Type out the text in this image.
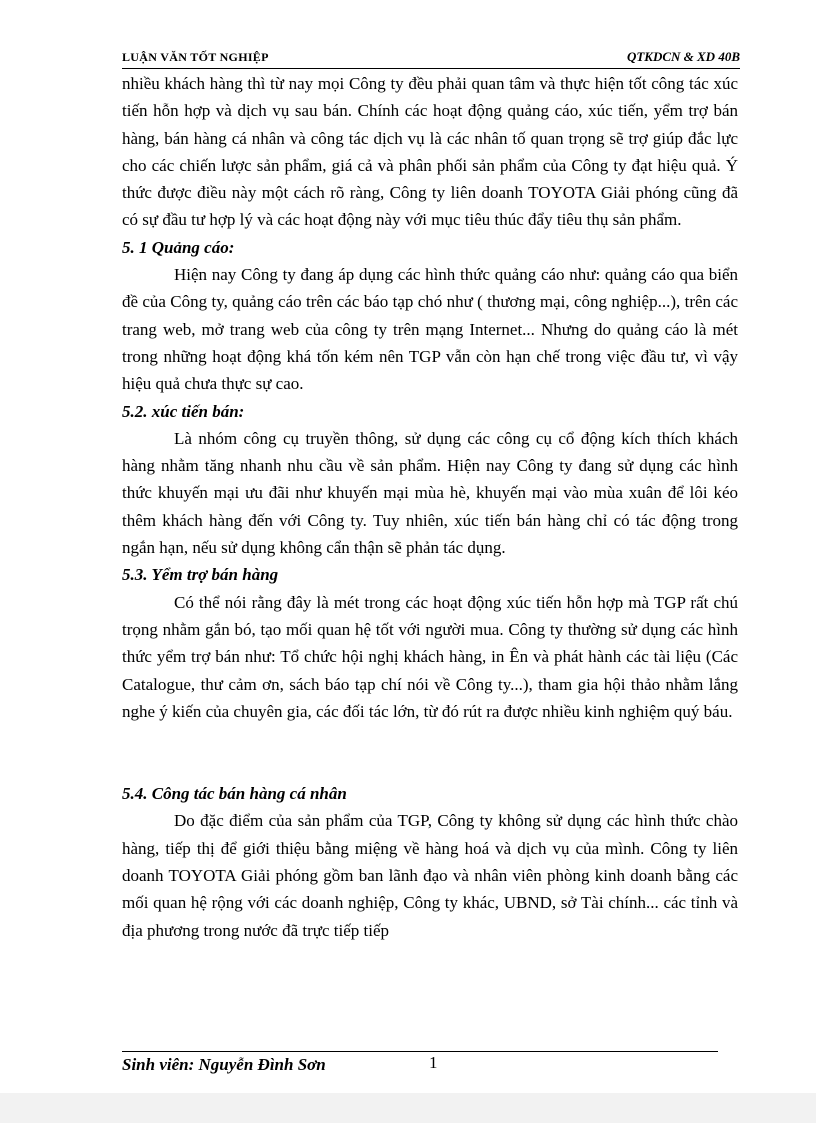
LUẬN VĂN TỐT NGHIỆP	QTKDCN & XD 40B

nhiều khách hàng thì từ nay mọi Công ty đều phải quan tâm và thực hiện tốt công tác xúc tiến hỗn hợp và dịch vụ sau bán. Chính các hoạt động quảng cáo, xúc tiến, yểm trợ bán hàng, bán hàng cá nhân và công tác dịch vụ là các nhân tố quan trọng sẽ trợ giúp đắc lực cho các chiến lược sản phẩm, giá cả và phân phối sản phẩm của Công ty đạt hiệu quả. Ý thức được điều này một cách rõ ràng, Công ty liên doanh TOYOTA Giải phóng cũng đã có sự đầu tư hợp lý và các hoạt động này với mục tiêu thúc đẩy tiêu thụ sản phẩm.

5. 1 Quảng cáo:

Hiện nay Công ty đang áp dụng các hình thức quảng cáo như: quảng cáo qua biển đề của Công ty, quảng cáo trên các báo tạp chó như ( thương mại, công nghiệp...), trên các trang web, mở trang web của công ty trên mạng Internet... Nhưng do quảng cáo là mét trong những hoạt động khá tốn kém nên TGP vẫn còn hạn chế trong việc đầu tư, vì vậy hiệu quả chưa thực sự cao.

5.2. xúc tiến bán:

Là nhóm công cụ truyền thông, sử dụng các công cụ cổ động kích thích khách hàng nhằm tăng nhanh nhu cầu về sản phẩm. Hiện nay Công ty đang sử dụng các hình thức khuyến mại ưu đãi như khuyến mại mùa hè, khuyến mại vào mùa xuân để lôi kéo thêm khách hàng đến với Công ty. Tuy nhiên, xúc tiến bán hàng chỉ có tác động trong ngắn hạn, nếu sử dụng không cẩn thận sẽ phản tác dụng.

5.3. Yểm trợ bán hàng

Có thể nói rằng đây là mét trong các hoạt động xúc tiến hỗn hợp mà TGP rất chú trọng nhằm gắn bó, tạo mối quan hệ tốt với người mua. Công ty thường sử dụng các hình thức yểm trợ bán như: Tổ chức hội nghị khách hàng, in Ên và phát hành các tài liệu (Các Catalogue, thư cảm ơn, sách báo tạp chí nói về Công ty...), tham gia hội thảo nhằm lắng nghe ý kiến của chuyên gia, các đối tác lớn, từ đó rút ra được nhiều kinh nghiệm quý báu.

5.4. Công tác bán hàng cá nhân

Do đặc điểm của sản phẩm của TGP, Công ty không sử dụng các hình thức chào hàng, tiếp thị để giới thiệu bằng miệng về hàng hoá và dịch vụ của mình. Công ty liên doanh TOYOTA Giải phóng gồm ban lãnh đạo và nhân viên phòng kinh doanh bằng các mối quan hệ rộng với các doanh nghiệp, Công ty khác, UBND, sở Tài chính... các tỉnh và địa phương trong nước đã trực tiếp tiếp

Sinh viên: Nguyễn Đình Sơn	1
